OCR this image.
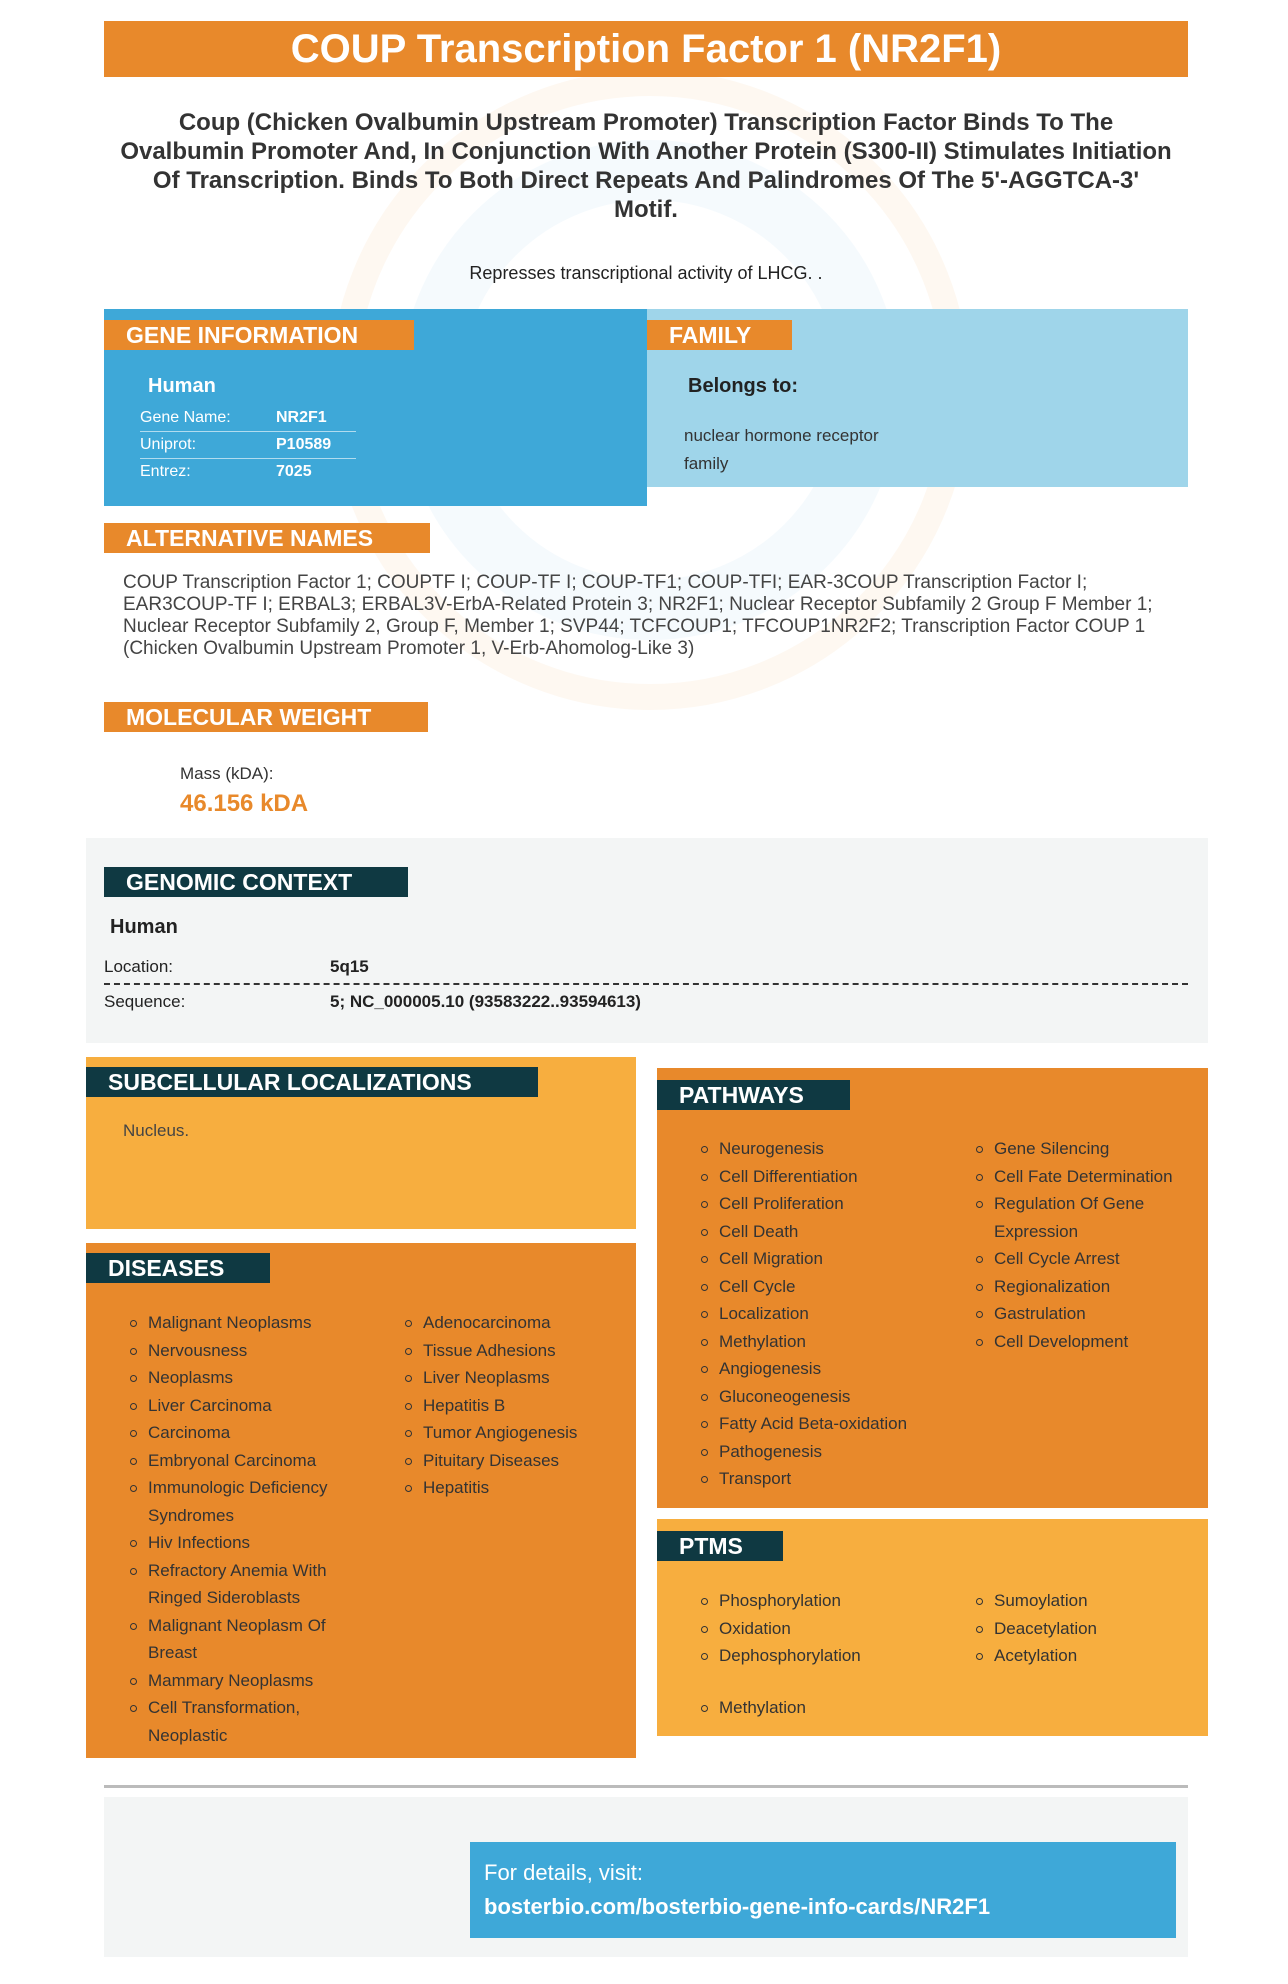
COUP Transcription Factor 1 (NR2F1)
Coup (Chicken Ovalbumin Upstream Promoter) Transcription Factor Binds To The Ovalbumin Promoter And, In Conjunction With Another Protein (S300-II) Stimulates Initiation Of Transcription. Binds To Both Direct Repeats And Palindromes Of The 5'-AGGTCA-3' Motif.
Represses transcriptional activity of LHCG. .
GENE INFORMATION	FAMILY
Human
Gene Name:	NR2F1
Uniprot:	P10589
Entrez:	7025
Belongs to:
nuclear hormone receptor family
ALTERNATIVE NAMES
COUP Transcription Factor 1; COUPTF I; COUP-TF I; COUP-TF1; COUP-TFI; EAR-3COUP Transcription Factor I; EAR3COUP-TF I; ERBAL3; ERBAL3V-ErbA-Related Protein 3; NR2F1; Nuclear Receptor Subfamily 2 Group F Member 1; Nuclear Receptor Subfamily 2, Group F, Member 1; SVP44; TCFCOUP1; TFCOUP1NR2F2; Transcription Factor COUP 1 (Chicken Ovalbumin Upstream Promoter 1, V-Erb-Ahomolog-Like 3)
MOLECULAR WEIGHT
Mass (kDA):
46.156 kDA
GENOMIC CONTEXT
Human
Location:	5q15
Sequence:	5; NC_000005.10 (93583222..93594613)
SUBCELLULAR LOCALIZATIONS
Nucleus.
DISEASES
Malignant Neoplasms
Nervousness
Neoplasms
Liver Carcinoma
Carcinoma
Embryonal Carcinoma
Immunologic Deficiency Syndromes
Hiv Infections
Refractory Anemia With Ringed Sideroblasts
Malignant Neoplasm Of Breast
Mammary Neoplasms
Cell Transformation, Neoplastic
Adenocarcinoma
Tissue Adhesions
Liver Neoplasms
Hepatitis B
Tumor Angiogenesis
Pituitary Diseases
Hepatitis
PATHWAYS
Neurogenesis
Cell Differentiation
Cell Proliferation
Cell Death
Cell Migration
Cell Cycle
Localization
Methylation
Angiogenesis
Gluconeogenesis
Fatty Acid Beta-oxidation
Pathogenesis
Transport
Gene Silencing
Cell Fate Determination
Regulation Of Gene Expression
Cell Cycle Arrest
Regionalization
Gastrulation
Cell Development
PTMS
Phosphorylation
Oxidation
Dephosphorylation
Sumoylation
Deacetylation
Acetylation
Methylation
For details, visit:
bosterbio.com/bosterbio-gene-info-cards/NR2F1
